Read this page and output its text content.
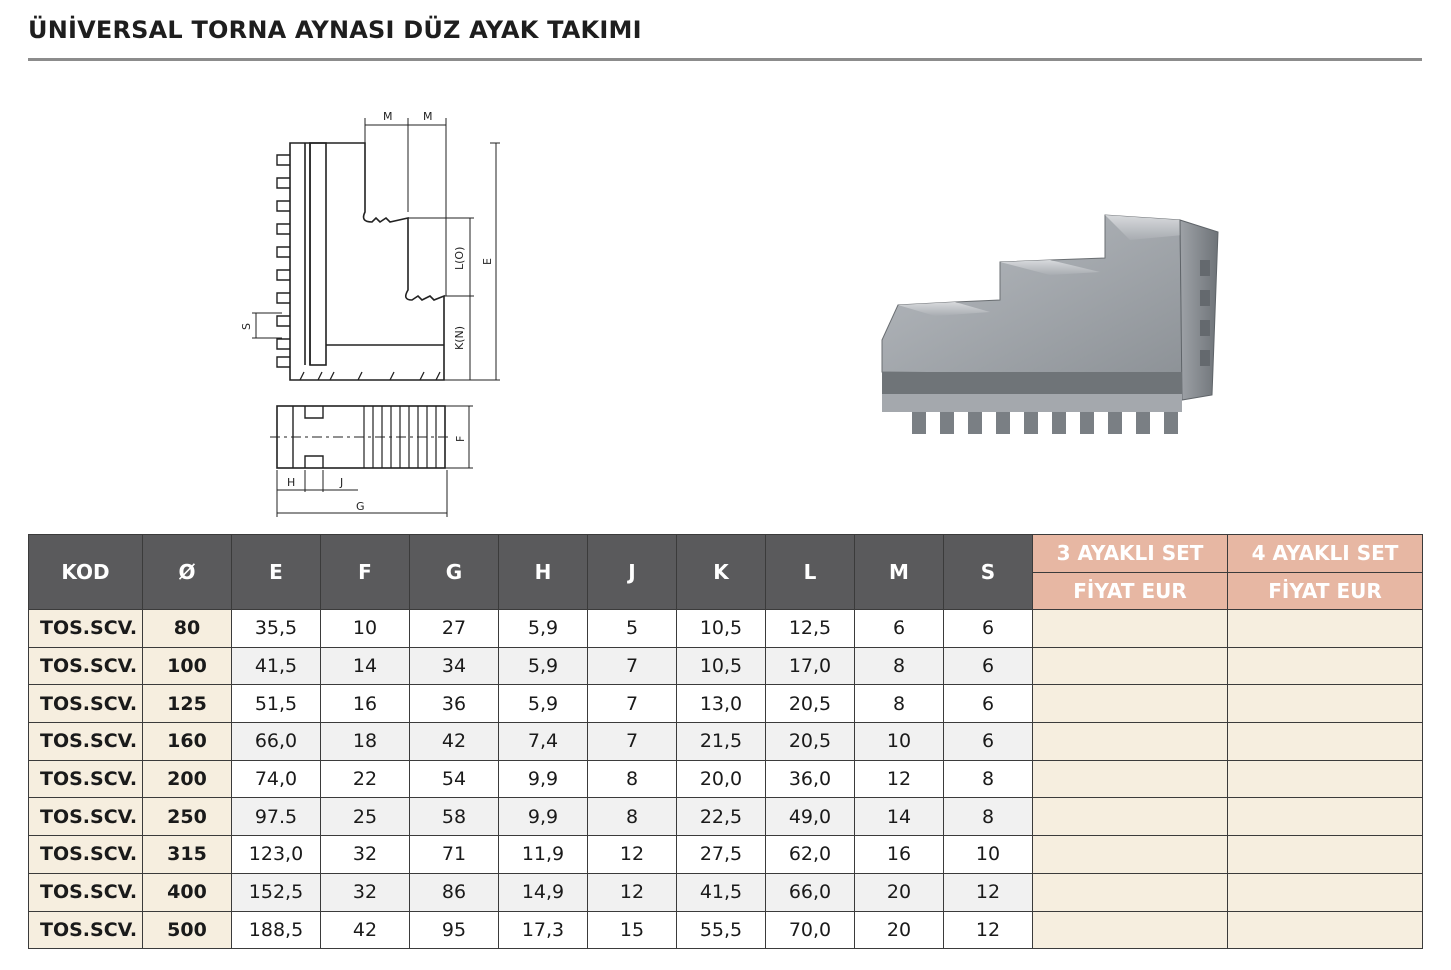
ÜNİVERSAL TORNA AYNASI DÜZ AYAK TAKIMI
M	M
L(O) E
K(N)
S
F
H	J
G
KOD	Ø	E	F	G	H	J	K	L	M	S	3 AYAKLI SET	4 AYAKLI SET
											FİYAT EUR	FİYAT EUR
TOS.SCV.	80	35,5	10	27	5,9	5	10,5	12,5	6	6		
TOS.SCV.	100	41,5	14	34	5,9	7	10,5	17,0	8	6		
TOS.SCV.	125	51,5	16	36	5,9	7	13,0	20,5	8	6		
TOS.SCV.	160	66,0	18	42	7,4	7	21,5	20,5	10	6		
TOS.SCV.	200	74,0	22	54	9,9	8	20,0	36,0	12	8		
TOS.SCV.	250	97.5	25	58	9,9	8	22,5	49,0	14	8		
TOS.SCV.	315	123,0	32	71	11,9	12	27,5	62,0	16	10		
TOS.SCV.	400	152,5	32	86	14,9	12	41,5	66,0	20	12		
TOS.SCV.	500	188,5	42	95	17,3	15	55,5	70,0	20	12		
